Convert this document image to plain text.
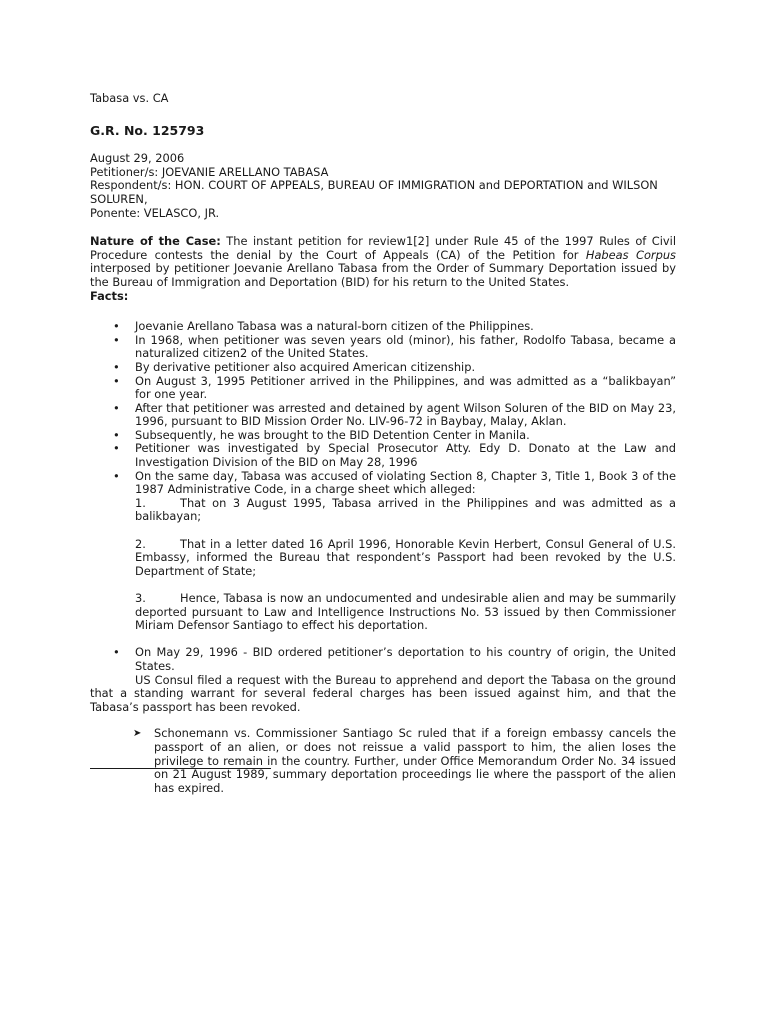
Tabasa vs. CA
G.R. No. 125793
August 29, 2006
Petitioner/s: JOEVANIE ARELLANO TABASA
Respondent/s: HON. COURT OF APPEALS, BUREAU OF IMMIGRATION and DEPORTATION and WILSON SOLUREN,
Ponente: VELASCO, JR.
Nature of the Case: The instant petition for review1[2] under Rule 45 of the 1997 Rules of Civil Procedure contests the denial by the Court of Appeals (CA) of the Petition for Habeas Corpus interposed by petitioner Joevanie Arellano Tabasa from the Order of Summary Deportation issued by the Bureau of Immigration and Deportation (BID) for his return to the United States.
Facts:
• Joevanie Arellano Tabasa was a natural-born citizen of the Philippines.
• In 1968, when petitioner was seven years old (minor), his father, Rodolfo Tabasa, became a naturalized citizen2 of the United States.
• By derivative petitioner also acquired American citizenship.
• On August 3, 1995 Petitioner arrived in the Philippines, and was admitted as a “balikbayan” for one year.
• After that petitioner was arrested and detained by agent Wilson Soluren of the BID on May 23, 1996, pursuant to BID Mission Order No. LIV-96-72 in Baybay, Malay, Aklan.
• Subsequently, he was brought to the BID Detention Center in Manila.
• Petitioner was investigated by Special Prosecutor Atty. Edy D. Donato at the Law and Investigation Division of the BID on May 28, 1996
• On the same day, Tabasa was accused of violating Section 8, Chapter 3, Title 1, Book 3 of the 1987 Administrative Code, in a charge sheet which alleged:
1.	That on 3 August 1995, Tabasa arrived in the Philippines and was admitted as a balikbayan;
2.	That in a letter dated 16 April 1996, Honorable Kevin Herbert, Consul General of U.S. Embassy, informed the Bureau that respondent’s Passport had been revoked by the U.S. Department of State;
3.	Hence, Tabasa is now an undocumented and undesirable alien and may be summarily deported pursuant to Law and Intelligence Instructions No. 53 issued by then Commissioner Miriam Defensor Santiago to effect his deportation.
• On May 29, 1996 - BID ordered petitioner’s deportation to his country of origin, the United States.

US Consul filed a request with the Bureau to apprehend and deport the Tabasa on the ground that a standing warrant for several federal charges has been issued against him, and that the Tabasa’s passport has been revoked.

➤ Schonemann vs. Commissioner Santiago Sc ruled that if a foreign embassy cancels the passport of an alien, or does not reissue a valid passport to him, the alien loses the privilege to remain in the country. Further, under Office Memorandum Order No. 34 issued on 21 August 1989, summary deportation proceedings lie where the passport of the alien has expired.
